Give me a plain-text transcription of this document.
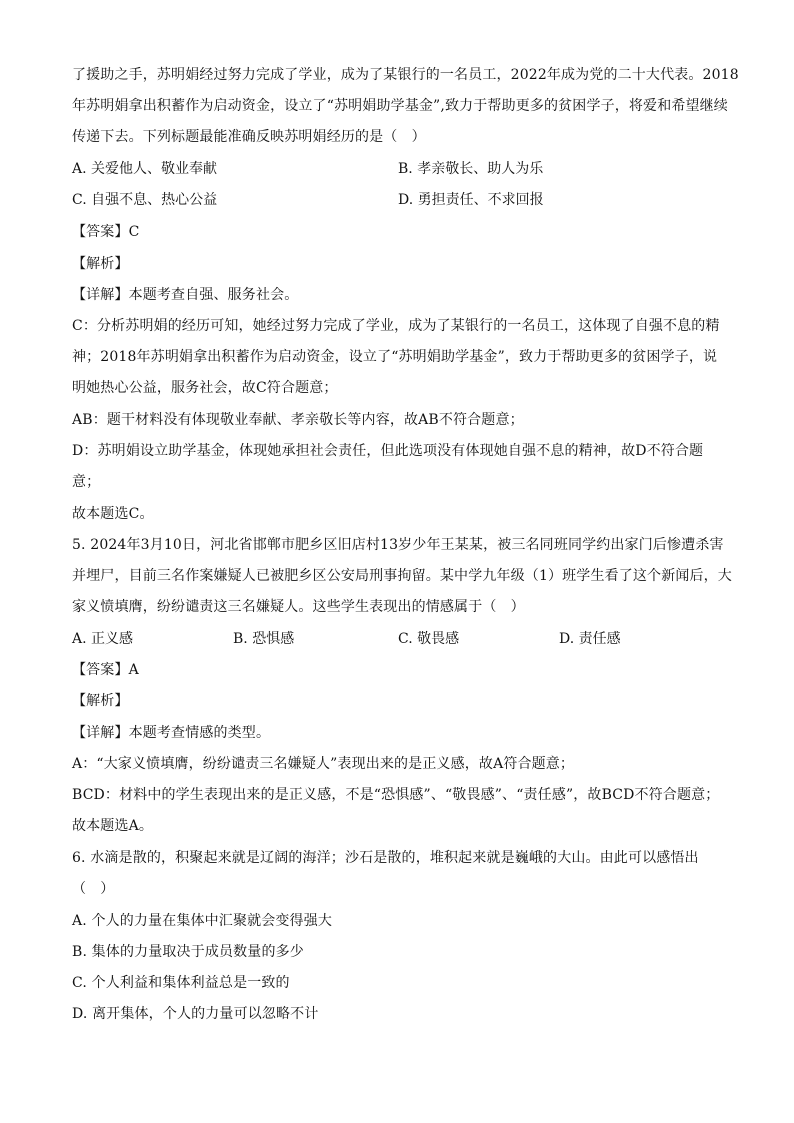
了援助之手，苏明娟经过努力完成了学业，成为了某银行的一名员工，2022年成为党的二十大代表。2018
年苏明娟拿出积蓄作为启动资金，设立了“苏明娟助学基金”,致力于帮助更多的贫困学子，将爱和希望继续
传递下去。下列标题最能准确反映苏明娟经历的是（　）
A. 关爱他人、敬业奉献	B. 孝亲敬长、助人为乐
C. 自强不息、热心公益	D. 勇担责任、不求回报
【答案】C
【解析】
【详解】本题考查自强、服务社会。
C：分析苏明娟的经历可知，她经过努力完成了学业，成为了某银行的一名员工，这体现了自强不息的精
神；2018年苏明娟拿出积蓄作为启动资金，设立了“苏明娟助学基金”，致力于帮助更多的贫困学子，说
明她热心公益，服务社会，故C符合题意；
AB：题干材料没有体现敬业奉献、孝亲敬长等内容，故AB不符合题意；
D：苏明娟设立助学基金，体现她承担社会责任，但此选项没有体现她自强不息的精神，故D不符合题
意；
故本题选C。
5. 2024年3月10日，河北省邯郸市肥乡区旧店村13岁少年王某某，被三名同班同学约出家门后惨遭杀害
并埋尸，目前三名作案嫌疑人已被肥乡区公安局刑事拘留。某中学九年级（1）班学生看了这个新闻后，大
家义愤填膺，纷纷谴责这三名嫌疑人。这些学生表现出的情感属于（　）
A. 正义感	B. 恐惧感	C. 敬畏感	D. 责任感
【答案】A
【解析】
【详解】本题考查情感的类型。
A：“大家义愤填膺，纷纷谴责三名嫌疑人”表现出来的是正义感，故A符合题意；
BCD：材料中的学生表现出来的是正义感，不是“恐惧感”、“敬畏感”、“责任感”，故BCD不符合题意；
故本题选A。
6. 水滴是散的，积聚起来就是辽阔的海洋；沙石是散的，堆积起来就是巍峨的大山。由此可以感悟出
（　）
A. 个人的力量在集体中汇聚就会变得强大
B. 集体的力量取决于成员数量的多少
C. 个人利益和集体利益总是一致的
D. 离开集体，个人的力量可以忽略不计
